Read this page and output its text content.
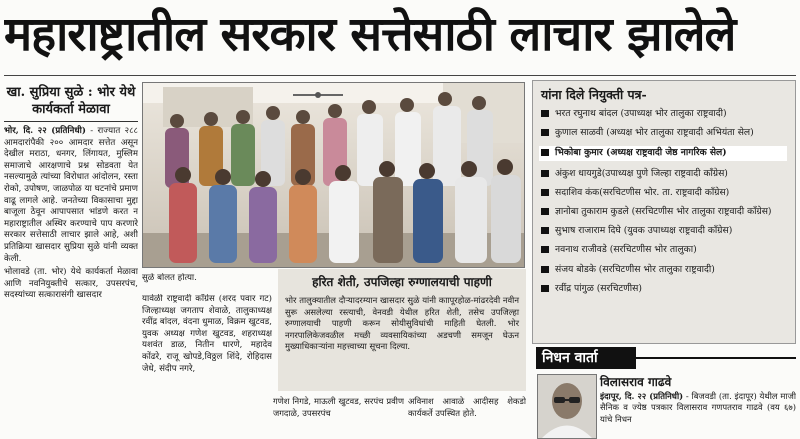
महाराष्ट्रातील सरकार सत्तेसाठी लाचार झालेले
खा. सुप्रिया सुळे : भोर येथे कार्यकर्ता मेळावा
भोर, दि. २२ (प्रतिनिधी) - राज्यात २८८ आमदारांपैकी २०० आमदार सत्तेत असून देखील मराठा, धनगर, लिंगायत, मुस्लिम समाजाचे आरक्षणाचे प्रश्न सोडवता येत नसल्यामुळे त्यांच्या विरोधात आंदोलन, रस्ता रोको, उपोषण, जाळपोळ या घटनांचे प्रमाण वाढू लागले आहे. जनतेच्या विकासाचा मुद्दा बाजूला ठेवून आपापसात भांडणे करत न महाराष्ट्रातील अस्थिर करण्याचे पाप करणारे सरकार सत्तेसाठी लाचार झाले आहे, अशी प्रतिक्रिया खासदार सुप्रिया सुळे यांनी व्यक्त केली.
भोलावडे (ता. भोर) येथे कार्यकर्ता मेळावा आणि नवनियुक्तीचे सत्कार, उपसरपंच, सदस्यांच्या सत्कारासंगी खासदार
सुळे बोलत होत्या.
यावेळी राष्ट्रवादी काँग्रेस (शरद पवार गट) जिल्हाध्यक्ष जगताप शेवाळे, तालुकाध्यक्ष रवींद्र बांदल, वंदना धुमाळ, विक्रम खुटवड, युवक अध्यक्ष गणेश खुटवड, शहराध्यक्ष यशवंत डाळ, नितीन धारणे, महादेव कोंढरे, राजू खोपडे,विठ्ठल शिंदे, रोहिदास जेधे, संदीप नगरे,
गणेश निगडे, माऊली खुटवड, सरपंच प्रवीण जगदाळे, उपसरपंच
अविनाश आवाळे आदीसह शेकडो कार्यकर्ते उपस्थित होते.
हरित शेती, उपजिल्हा रुग्णालयाची पाहणी

भोर तालुक्यातील दौऱ्यादरम्यान खासदार सुळे यांनी काापूरहोळ-मांढरदेवी नवीन सुरू असलेल्या रस्त्याची, वेनवडी येथील हरित शेती, तसेच उपजिल्हा रुग्णालयाची पाहणी करून सोयीसुविधांची माहिती घेतली. भोर नगरपालिकेजवळील मच्छी व्यवसायिकांच्या अडचणी समजून घेऊन मुख्याधिकाऱ्यांना महत्त्वाच्या सूचना दिल्या.

यांना दिले नियुक्ती पत्र-
भरत रघुनाथ बांदल (उपाध्यक्ष भोर तालुका राष्ट्रवादी)
कुणाल साळवी (अध्यक्ष भोर तालुका राष्ट्रवादी अभियंता सेल)
भिकोबा कुमार (अध्यक्ष राष्ट्रवादी जेष्ठ नागरिक सेल)
अंकुश धायगुडे(उपाध्यक्ष पुणे जिल्हा राष्ट्रवादी काँग्रेस)
सदाशिव कंक(सरचिटणीस भोर. ता. राष्ट्रवादी काँग्रेस)
ज्ञानोबा तुकाराम कुडले (सरचिटणीस भोर तालुका राष्ट्रवादी काँग्रेस)
सुभाष राजाराम दिघे (युवक उपाध्यक्ष राष्ट्रवादी काँग्रेस)
नवनाथ राजीवडे (सरचिटणीस भोर तालुका)
संजय बोडके (सरचिटणीस भोर तालुका राष्ट्रवादी)
रवींद्र पांगुळ (सरचिटणीस)
निधन वार्ता
विलासराव गाढवे
इंदापूर, दि. २२ (प्रतिनिधी) - बिजवडी (ता. इंदापूर) येथील माजी सैनिक व ज्येष्ठ पत्रकार विलासराव गणपतराव गाढवे (वय ६७) यांचे निधन
